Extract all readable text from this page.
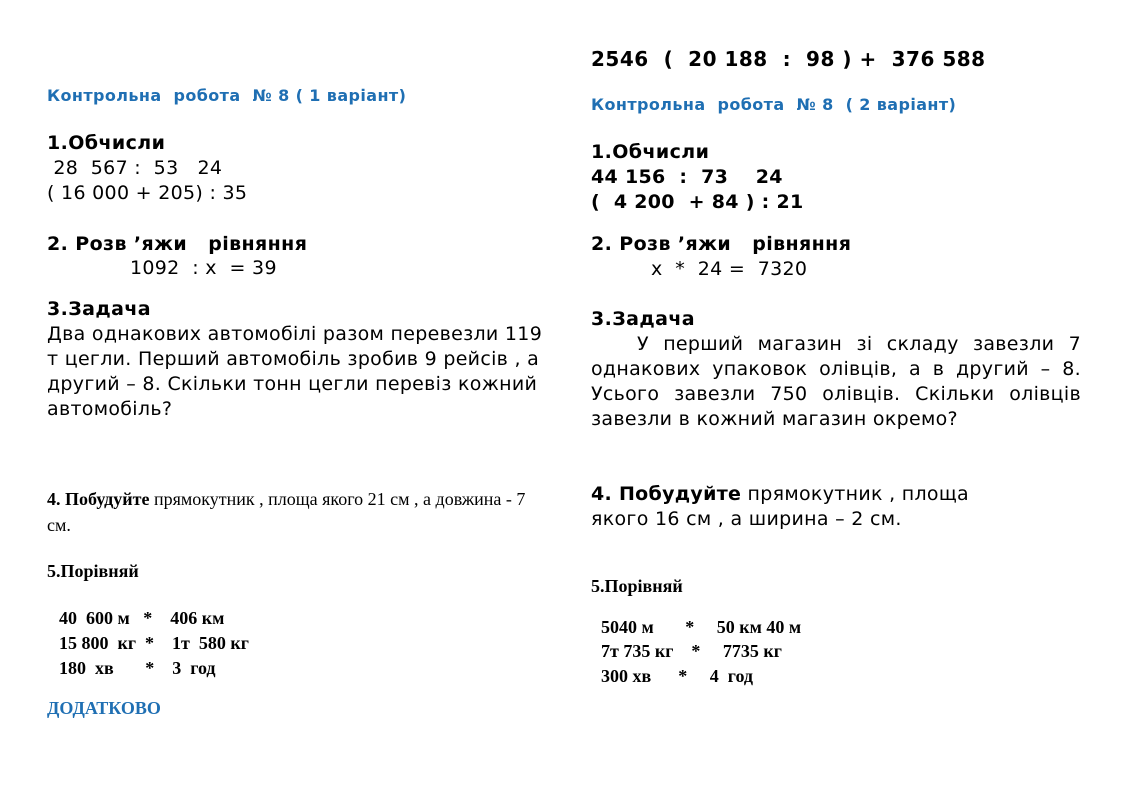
Контрольна  робота  № 8 ( 1 варіант)
1.Обчисли
28  567 :  53   24
( 16 000 + 205) : 35
2. Розв ’яжи   рівняння
1092  : х  = 39
3.Задача
Два однакових автомобілі разом перевезли 119 т цегли. Перший автомобіль зробив 9 рейсів , а другий – 8. Скільки тонн цегли перевіз кожний автомобіль?
4. Побудуйте прямокутник , площа якого 21 см , а довжина - 7 см.
5.Порівняй
40  600 м   *    406 км
15 800  кг  *    1т  580 кг
180  хв       *    3  год
ДОДАТКОВО
2546  (  20 188  :  98 ) +  376 588
Контрольна  робота  № 8  ( 2 варіант)
1.Обчисли
44 156  :  73    24
(  4 200  + 84 ) : 21
2. Розв ’яжи   рівняння
х  *  24 =  7320
3.Задача
У перший магазин зі складу завезли 7 однакових упаковок олівців, а в другий – 8. Усього завезли 750 олівців. Скільки олівців завезли в кожний магазин окремо?
4. Побудуйте прямокутник , площа якого 16 см , а ширина – 2 см.
5.Порівняй
5040 м       *     50 км 40 м
7т 735 кг    *     7735 кг
300 хв      *     4  год
